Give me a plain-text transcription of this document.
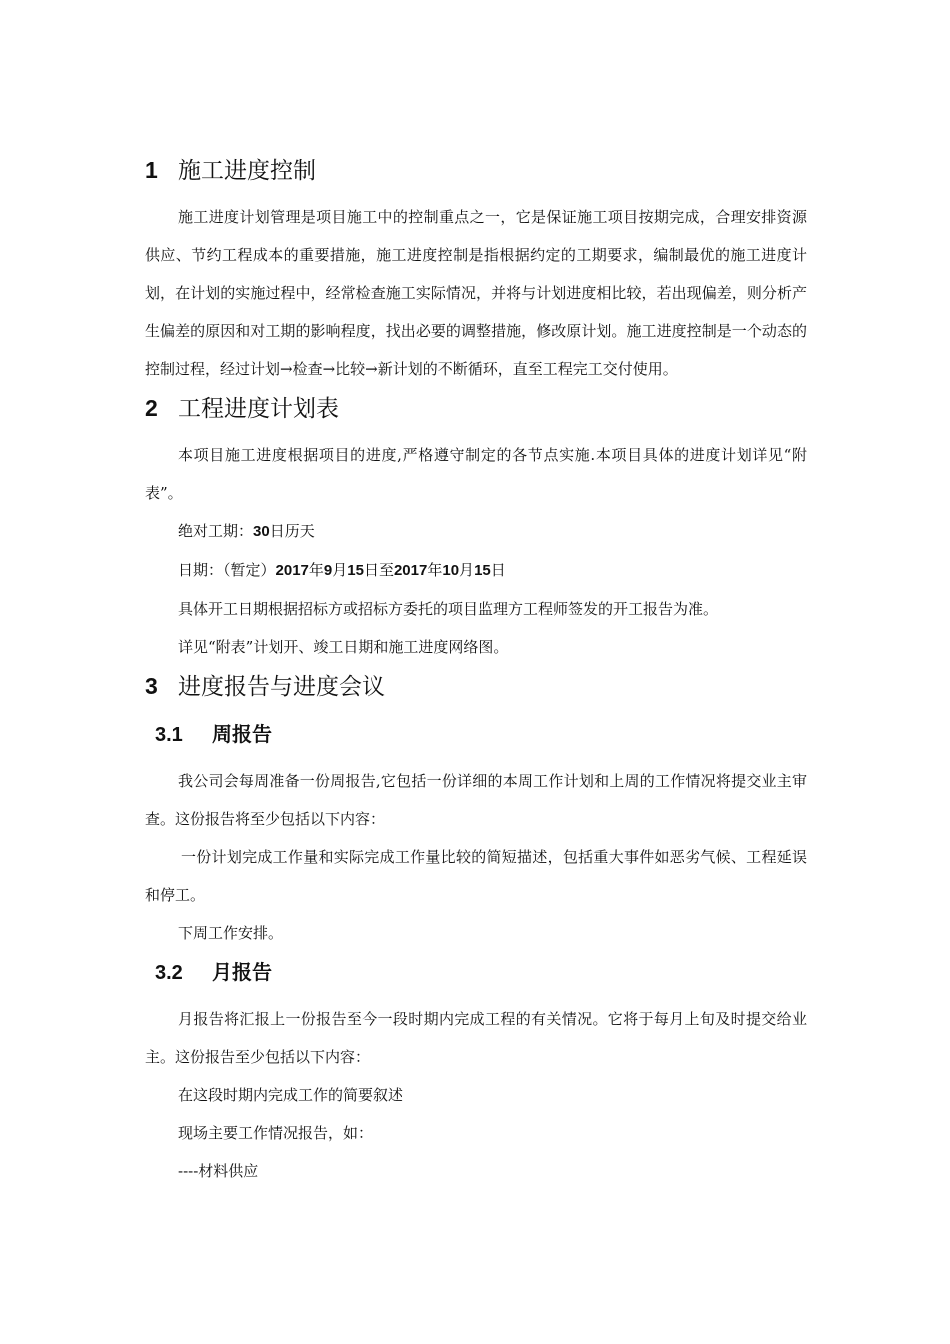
1 施工进度控制

施工进度计划管理是项目施工中的控制重点之一，它是保证施工项目按期完成，合理安排资源供应、节约工程成本的重要措施，施工进度控制是指根据约定的工期要求，编制最优的施工进度计划，在计划的实施过程中，经常检查施工实际情况，并将与计划进度相比较，若出现偏差，则分析产生偏差的原因和对工期的影响程度，找出必要的调整措施，修改原计划。施工进度控制是一个动态的控制过程，经过计划→检查→比较→新计划的不断循环，直至工程完工交付使用。

2 工程进度计划表

本项目施工进度根据项目的进度,严格遵守制定的各节点实施.本项目具体的进度计划详见“附表”。

绝对工期：30日历天

日期：（暂定）2017年9月15日至2017年10月15日

具体开工日期根据招标方或招标方委托的项目监理方工程师签发的开工报告为准。

详见“附表”计划开、竣工日期和施工进度网络图。

3 进度报告与进度会议
3.1 周报告

我公司会每周准备一份周报告,它包括一份详细的本周工作计划和上周的工作情况将提交业主审查。这份报告将至少包括以下内容：

一份计划完成工作量和实际完成工作量比较的简短描述，包括重大事件如恶劣气候、工程延误和停工。

下周工作安排。

3.2 月报告

月报告将汇报上一份报告至今一段时期内完成工程的有关情况。它将于每月上旬及时提交给业主。这份报告至少包括以下内容：

在这段时期内完成工作的简要叙述

现场主要工作情况报告，如：

----材料供应
